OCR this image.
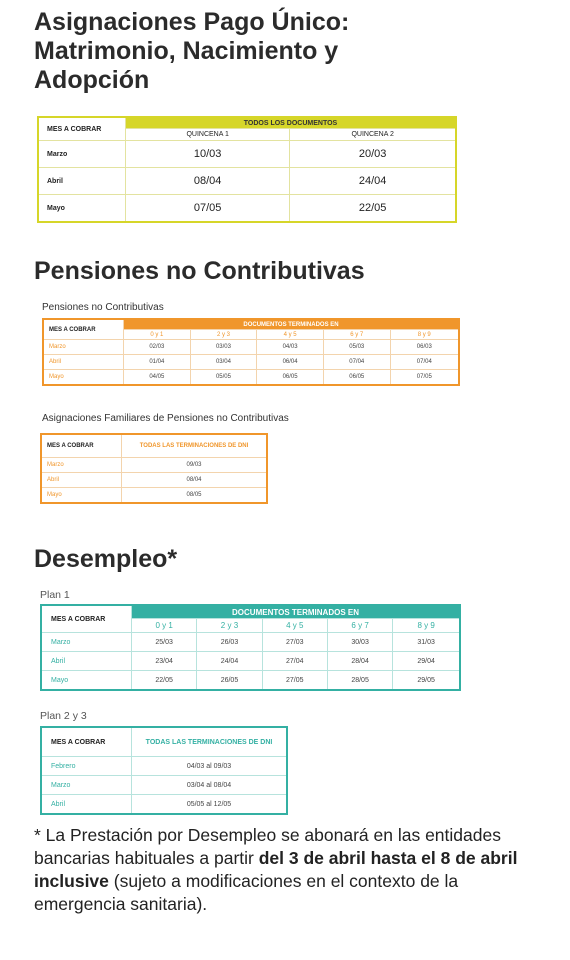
Asignaciones Pago Único:
Matrimonio, Nacimiento y
Adopción
MES A COBRAR	TODOS LOS DOCUMENTOS	
	QUINCENA 1	QUINCENA 2
Marzo	10/03	20/03
Abril	08/04	24/04
Mayo	07/05	22/05
Pensiones no Contributivas
Pensiones no Contributivas
MES A COBRAR	DOCUMENTOS TERMINADOS EN				
	0 y 1	2 y 3	4 y 5	6 y 7	8 y 9
Marzo	02/03	03/03	04/03	05/03	06/03
Abril	01/04	03/04	06/04	07/04	07/04
Mayo	04/05	05/05	06/05	06/05	07/05
Asignaciones Familiares de Pensiones no Contributivas
MES A COBRAR	TODAS LAS TERMINACIONES DE DNI
Marzo	09/03
Abril	08/04
Mayo	08/05
Desempleo*
Plan 1
MES A COBRAR	DOCUMENTOS TERMINADOS EN				
	0 y 1	2 y 3	4 y 5	6 y 7	8 y 9
Marzo	25/03	26/03	27/03	30/03	31/03
Abril	23/04	24/04	27/04	28/04	29/04
Mayo	22/05	26/05	27/05	28/05	29/05
Plan 2 y 3
MES A COBRAR	TODAS LAS TERMINACIONES DE DNI
Febrero	04/03 al 09/03
Marzo	03/04 al 08/04
Abril	05/05 al 12/05

* La Prestación por Desempleo se abonará en las entidades bancarias habituales a partir del 3 de abril hasta el 8 de abril inclusive (sujeto a modificaciones en el contexto de la emergencia sanitaria).
